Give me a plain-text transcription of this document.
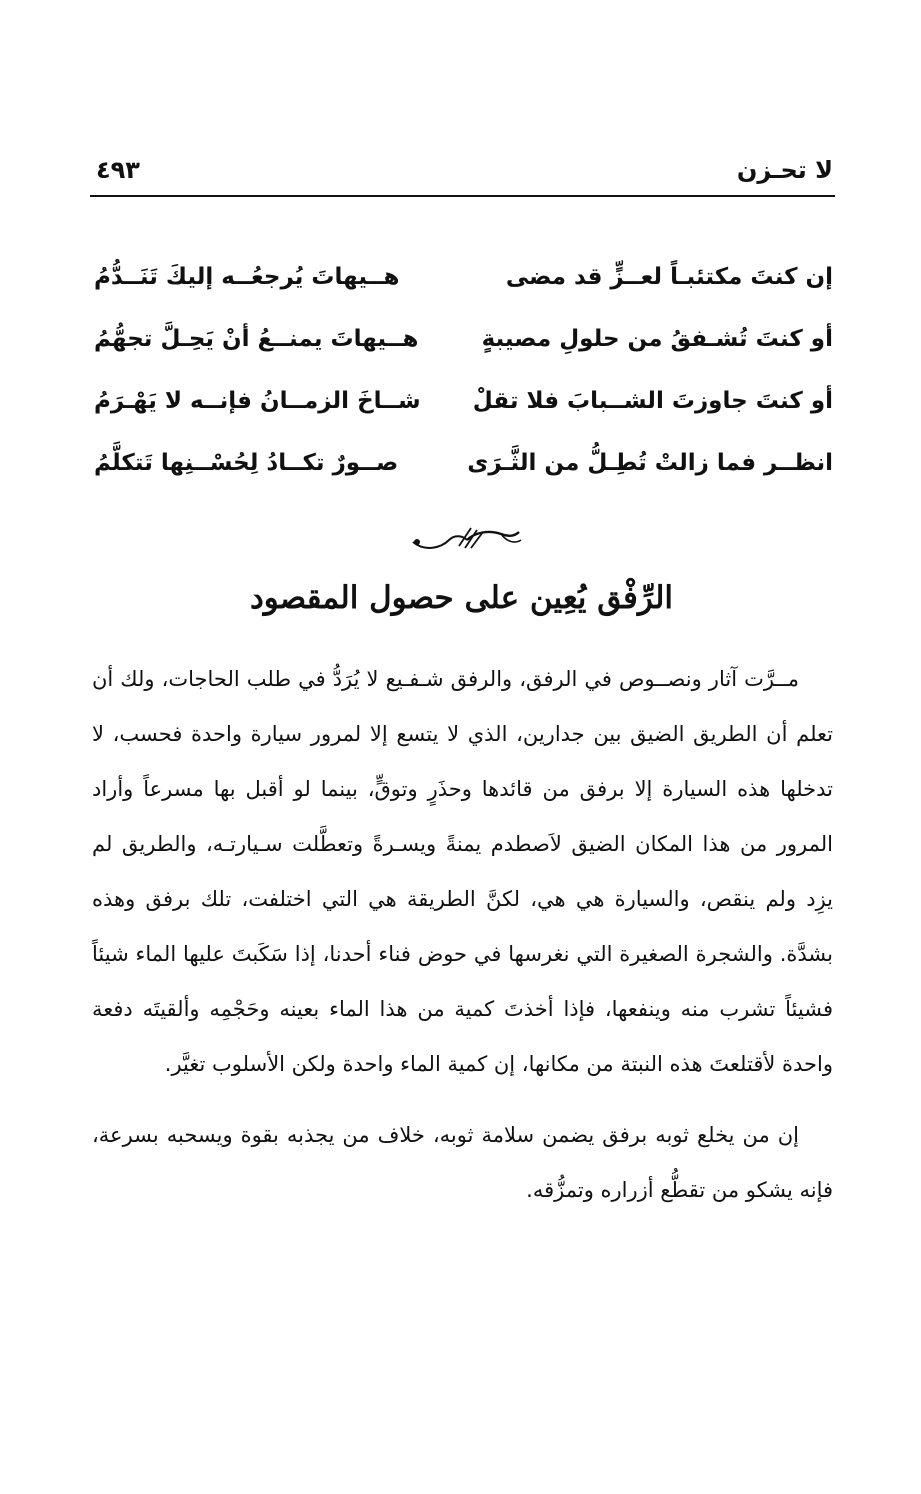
٤٩٣	لا تحـزن
إن كنتَ مكتئبـاً لعــزٍّ قد مضى
هــيهاتَ يُرجعُــه إليكَ تَنَــدُّمُ
أو كنتَ تُشـفقُ من حلولِ مصيبةٍ
هــيهاتَ يمنــعُ أنْ يَحِـلَّ تجهُّمُ
أو كنتَ جاوزتَ الشــبابَ فلا تقلْ
شــاخَ الزمــانُ فإنــه لا يَهْـرَمُ
انظــر فما زالتْ تُطِـلُّ من الثَّـرَى
صــورٌ تكــادُ لِحُسْــنِها تَتكلَّمُ
الرِّفْق يُعِين على حصول المقصود

مــرَّت آثار ونصــوص في الرفق، والرفق شـفـيع لا يُرَدُّ في طلب الحاجات، ولك أن تعلم أن الطريق الضيق بين جدارين، الذي لا يتسع إلا لمرور سيارة واحدة فحسب، لا تدخلها هذه السيارة إلا برفق من قائدها وحذَرٍ وتوقٍّ، بينما لو أقبل بها مسرعاً وأراد المرور من هذا المكان الضيق لاَصطدم يمنةً ويسـرةً وتعطَّلت سـيارتـه، والطريق لم يزِد ولم ينقص، والسيارة هي هي، لكنَّ الطريقة هي التي اختلفت، تلك برفق وهذه بشدَّة. والشجرة الصغيرة التي نغرسها في حوض فناء أحدنا، إذا سَكَبتَ عليها الماء شيئاً فشيئاً تشرب منه وينفعها، فإذا أخذتَ كمية من هذا الماء بعينه وحَجْمِه وألقيتَه دفعة واحدة لأقتلعتَ هذه النبتة من مكانها، إن كمية الماء واحدة ولكن الأسلوب تغيَّر.

إن من يخلع ثوبه برفق يضمن سلامة ثوبه، خلاف من يجذبه بقوة ويسحبه بسرعة، فإنه يشكو من تقطُّع أزراره وتمزُّقه.
